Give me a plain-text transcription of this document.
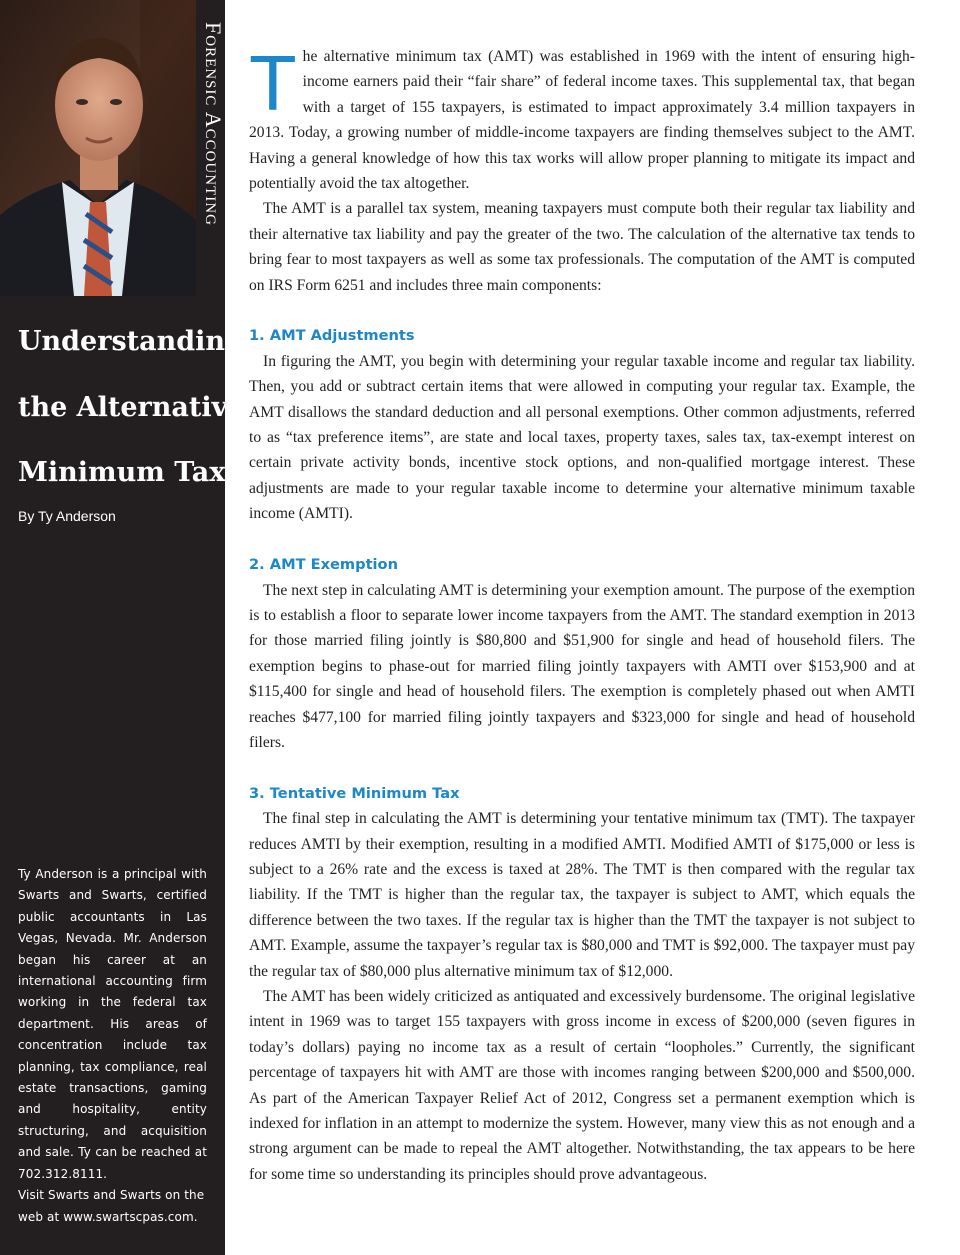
Forensic Accounting
Understanding
the Alternative
Minimum Tax
By Ty Anderson

Ty Anderson is a principal with Swarts and Swarts, certified public accountants in Las Vegas, Nevada. Mr. Anderson began his career at an international accounting firm working in the federal tax department. His areas of concentration include tax planning, tax compliance, real estate transactions, gaming and hospitality, entity structuring, and acquisition and sale. Ty can be reached at 702.312.8111.

Visit Swarts and Swarts on the web at www.swartscpas.com.

The alternative minimum tax (AMT) was established in 1969 with the intent of ensuring high-income earners paid their “fair share” of federal income taxes. This supplemental tax, that began with a target of 155 taxpayers, is estimated to impact approximately 3.4 million taxpayers in 2013. Today, a growing number of middle-income taxpayers are finding themselves subject to the AMT. Having a general knowledge of how this tax works will allow proper planning to mitigate its impact and potentially avoid the tax altogether.

The AMT is a parallel tax system, meaning taxpayers must compute both their regular tax liability and their alternative tax liability and pay the greater of the two. The calculation of the alternative tax tends to bring fear to most taxpayers as well as some tax professionals. The computation of the AMT is computed on IRS Form 6251 and includes three main components:

1. AMT Adjustments

In figuring the AMT, you begin with determining your regular taxable income and regular tax liability. Then, you add or subtract certain items that were allowed in computing your regular tax. Example, the AMT disallows the standard deduction and all personal exemptions. Other common adjustments, referred to as “tax preference items”, are state and local taxes, property taxes, sales tax, tax-exempt interest on certain private activity bonds, incentive stock options, and non-qualified mortgage interest. These adjustments are made to your regular taxable income to determine your alternative minimum taxable income (AMTI).

2. AMT Exemption

The next step in calculating AMT is determining your exemption amount. The purpose of the exemption is to establish a floor to separate lower income taxpayers from the AMT. The standard exemption in 2013 for those married filing jointly is $80,800 and $51,900 for single and head of household filers. The exemption begins to phase-out for married filing jointly taxpayers with AMTI over $153,900 and at $115,400 for single and head of household filers. The exemption is completely phased out when AMTI reaches $477,100 for married filing jointly taxpayers and $323,000 for single and head of household filers.

3. Tentative Minimum Tax

The final step in calculating the AMT is determining your tentative minimum tax (TMT). The taxpayer reduces AMTI by their exemption, resulting in a modified AMTI. Modified AMTI of $175,000 or less is subject to a 26% rate and the excess is taxed at 28%. The TMT is then compared with the regular tax liability. If the TMT is higher than the regular tax, the taxpayer is subject to AMT, which equals the difference between the two taxes. If the regular tax is higher than the TMT the taxpayer is not subject to AMT. Example, assume the taxpayer’s regular tax is $80,000 and TMT is $92,000. The taxpayer must pay the regular tax of $80,000 plus alternative minimum tax of $12,000.

The AMT has been widely criticized as antiquated and excessively burdensome. The original legislative intent in 1969 was to target 155 taxpayers with gross income in excess of $200,000 (seven figures in today’s dollars) paying no income tax as a result of certain “loopholes.” Currently, the significant percentage of taxpayers hit with AMT are those with incomes ranging between $200,000 and $500,000. As part of the American Taxpayer Relief Act of 2012, Congress set a permanent exemption which is indexed for inflation in an attempt to modernize the system. However, many view this as not enough and a strong argument can be made to repeal the AMT altogether. Notwithstanding, the tax appears to be here for some time so understanding its principles should prove advantageous.
